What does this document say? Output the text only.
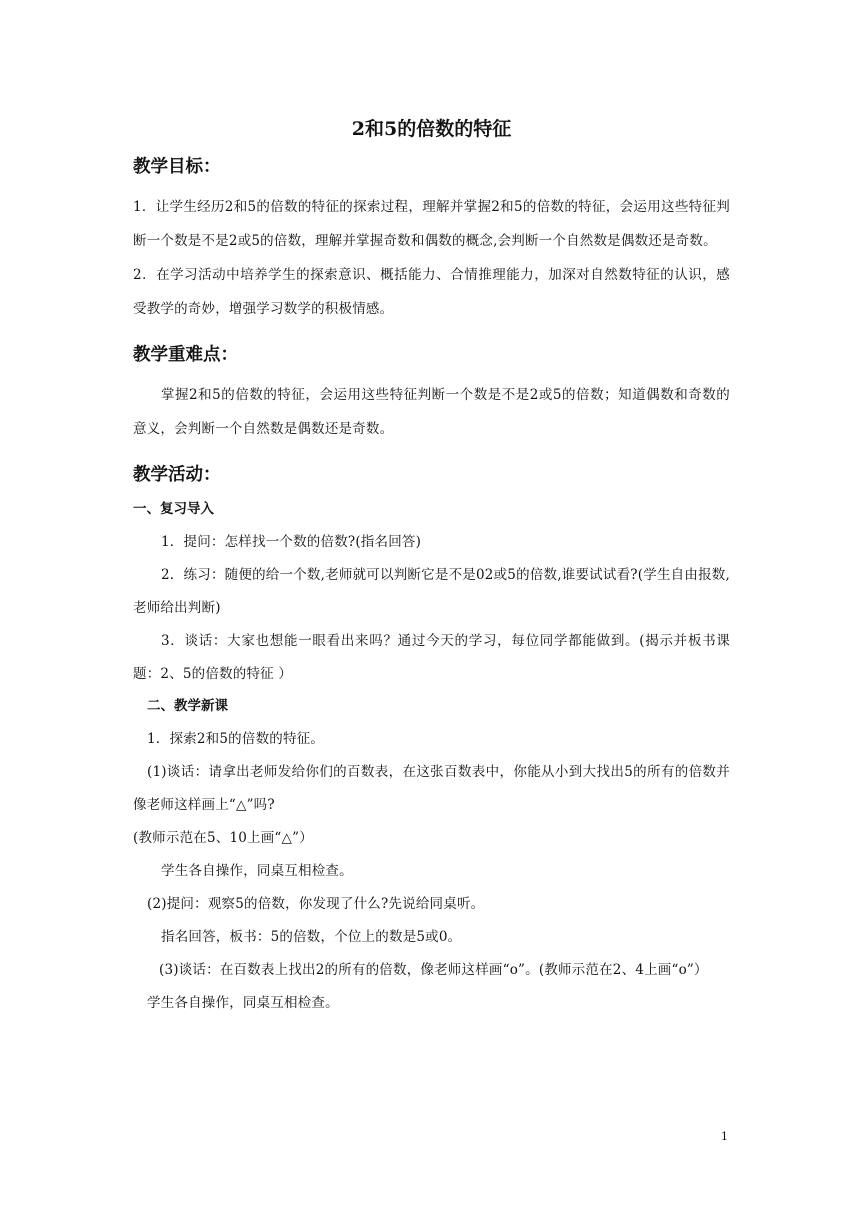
2和5的倍数的特征
教学目标：

1．让学生经历2和5的倍数的特征的探索过程，理解并掌握2和5的倍数的特征，会运用这些特征判断一个数是不是2或5的倍数，理解并掌握奇数和偶数的概念,会判断一个自然数是偶数还是奇数。

2．在学习活动中培养学生的探索意识、概括能力、合情推理能力，加深对自然数特征的认识，感受教学的奇妙，增强学习数学的积极情感。

教学重难点：

掌握2和5的倍数的特征，会运用这些特征判断一个数是不是2或5的倍数；知道偶数和奇数的意义，会判断一个自然数是偶数还是奇数。

教学活动：
一、复习导入

1．提问：怎样找一个数的倍数?(指名回答)

2．练习：随便的给一个数,老师就可以判断它是不是02或5的倍数,谁要试试看?(学生自由报数,老师给出判断)

3．谈话：大家也想能一眼看出来吗？通过今天的学习，每位同学都能做到。(揭示并板书课题：2、5的倍数的特征 ）

二、教学新课

1．探索2和5的倍数的特征。

(1)谈话：请拿出老师发给你们的百数表，在这张百数表中，你能从小到大找出5的所有的倍数并像老师这样画上“△”吗?

(教师示范在5、10上画“△”）

学生各自操作，同桌互相检查。

(2)提问：观察5的倍数，你发现了什么?先说给同桌听。

指名回答，板书：5的倍数，个位上的数是5或0。

(3)谈话：在百数表上找出2的所有的倍数，像老师这样画“o”。(教师示范在2、4上画“o”）

学生各自操作，同桌互相检查。

1
